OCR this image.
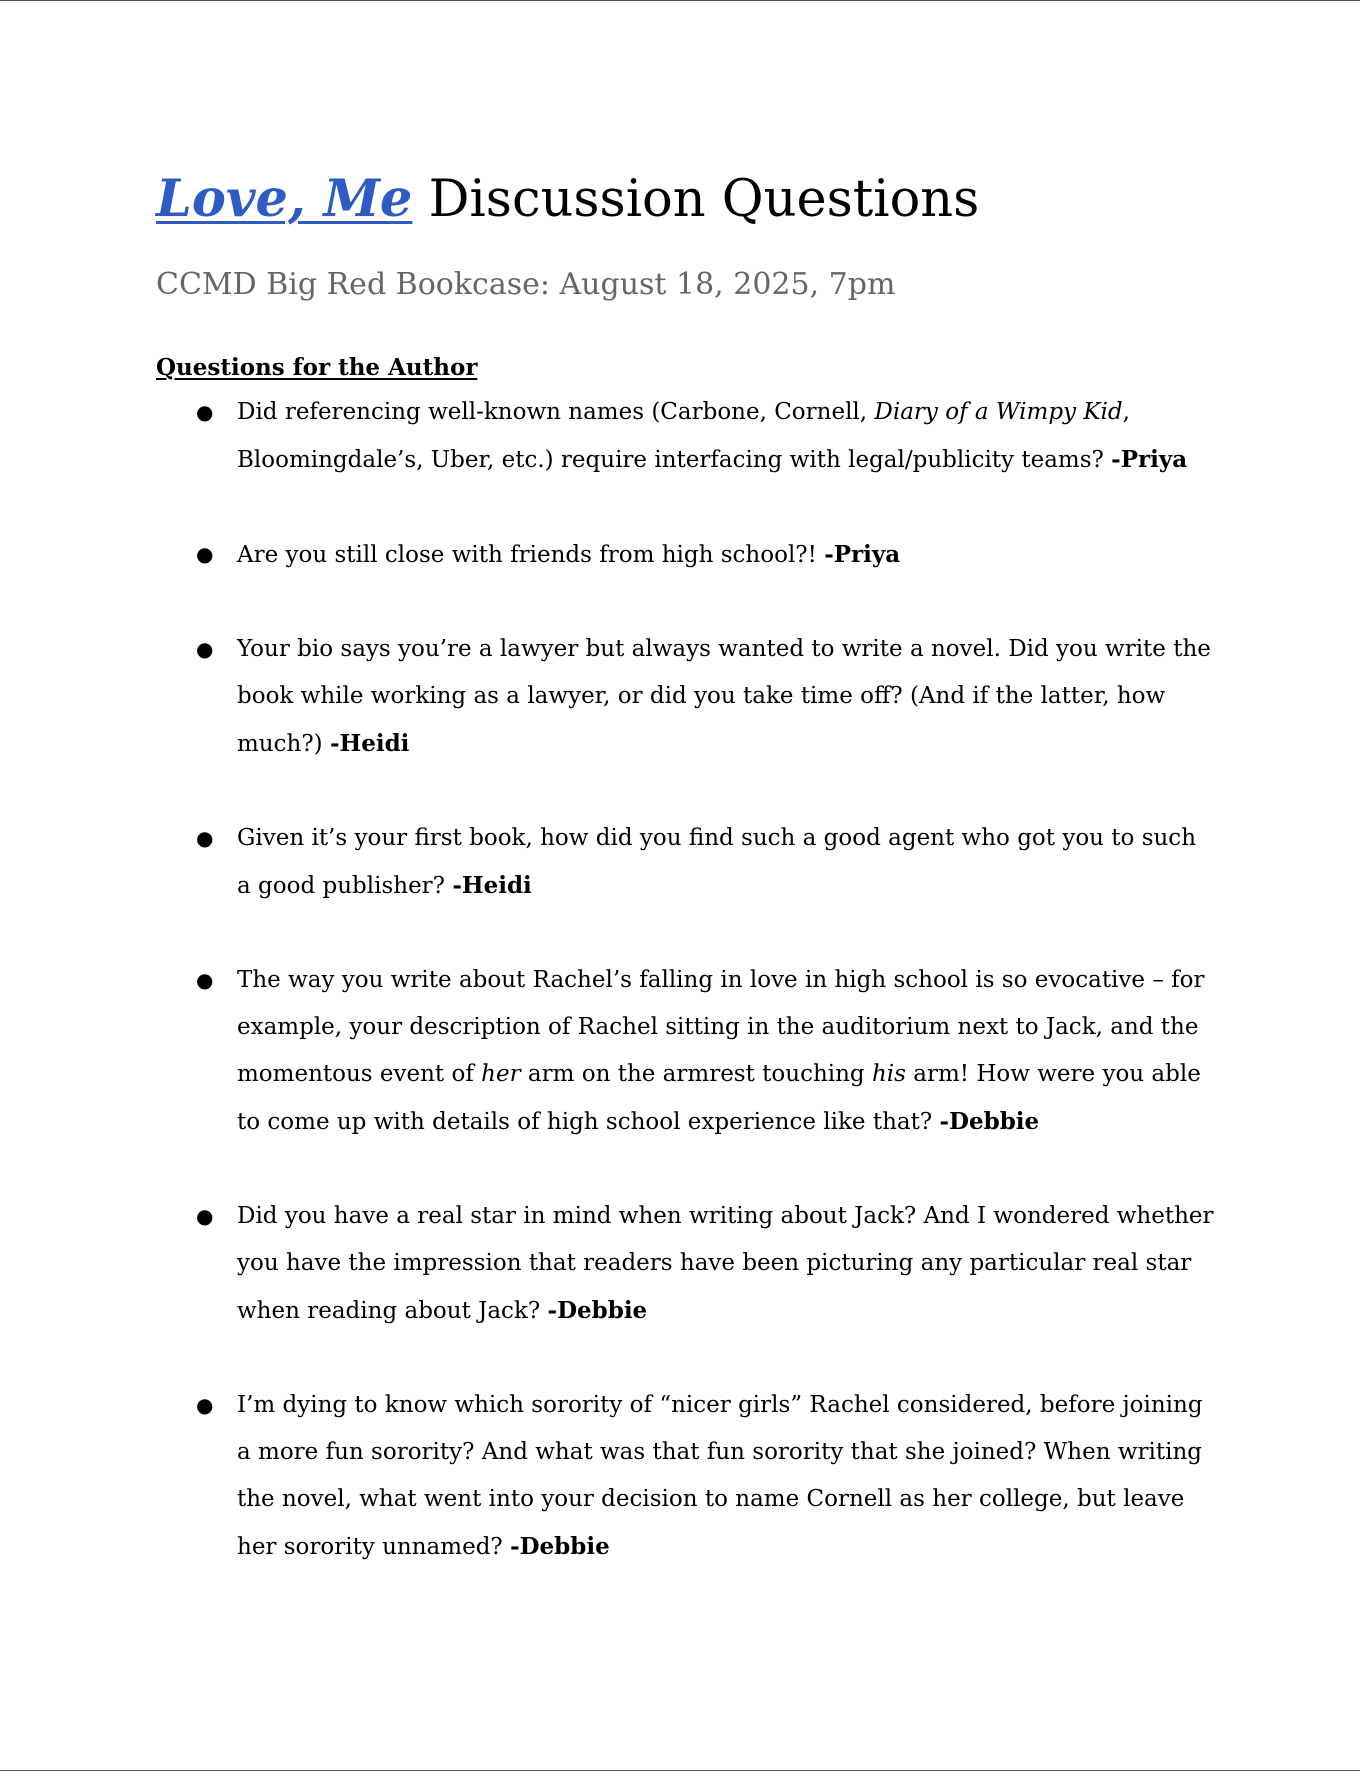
Love, Me Discussion Questions
CCMD Big Red Bookcase: August 18, 2025, 7pm
Questions for the Author
● Did referencing well-known names (Carbone, Cornell, Diary of a Wimpy Kid, Bloomingdale’s, Uber, etc.) require interfacing with legal/publicity teams? -Priya
● Are you still close with friends from high school?! -Priya
● Your bio says you’re a lawyer but always wanted to write a novel. Did you write the book while working as a lawyer, or did you take time off? (And if the latter, how much?) -Heidi
● Given it’s your first book, how did you find such a good agent who got you to such a good publisher? -Heidi
● The way you write about Rachel’s falling in love in high school is so evocative – for example, your description of Rachel sitting in the auditorium next to Jack, and the momentous event of her arm on the armrest touching his arm! How were you able to come up with details of high school experience like that? -Debbie
● Did you have a real star in mind when writing about Jack? And I wondered whether you have the impression that readers have been picturing any particular real star when reading about Jack? -Debbie
● I’m dying to know which sorority of “nicer girls” Rachel considered, before joining a more fun sorority? And what was that fun sorority that she joined? When writing the novel, what went into your decision to name Cornell as her college, but leave her sorority unnamed? -Debbie
